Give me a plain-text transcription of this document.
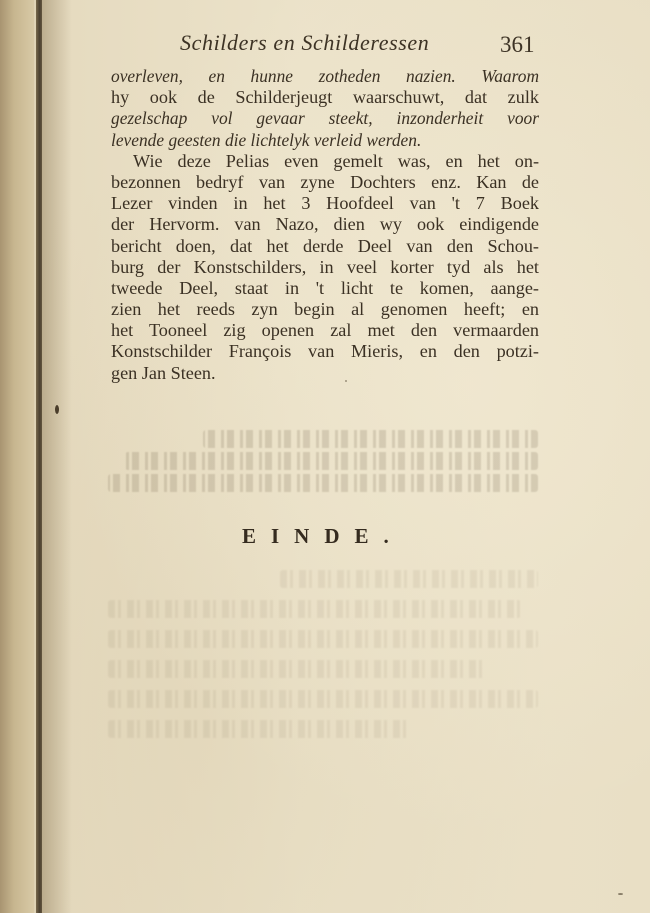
Schilders en Schilderessen	361
overleven, en hunne zotheden nazien. Waarom
hy ook de Schilderjeugt waarschuwt, dat zulk
gezelschap vol gevaar steekt, inzonderheit voor
levende geesten die lichtelyk verleid werden.
Wie deze Pelias even gemelt was, en het on-
bezonnen bedryf van zyne Dochters enz. Kan de
Lezer vinden in het 3 Hoofdeel van 't 7 Boek
der Hervorm. van Nazo, dien wy ook eindigende
bericht doen, dat het derde Deel van den Schou-
burg der Konstschilders, in veel korter tyd als het
tweede Deel, staat in 't licht te komen, aange-
zien het reeds zyn begin al genomen heeft; en
het Tooneel zig openen zal met den vermaarden
Konstschilder François van Mieris, en den potzi-
gen Jan Steen.
EINDE.
